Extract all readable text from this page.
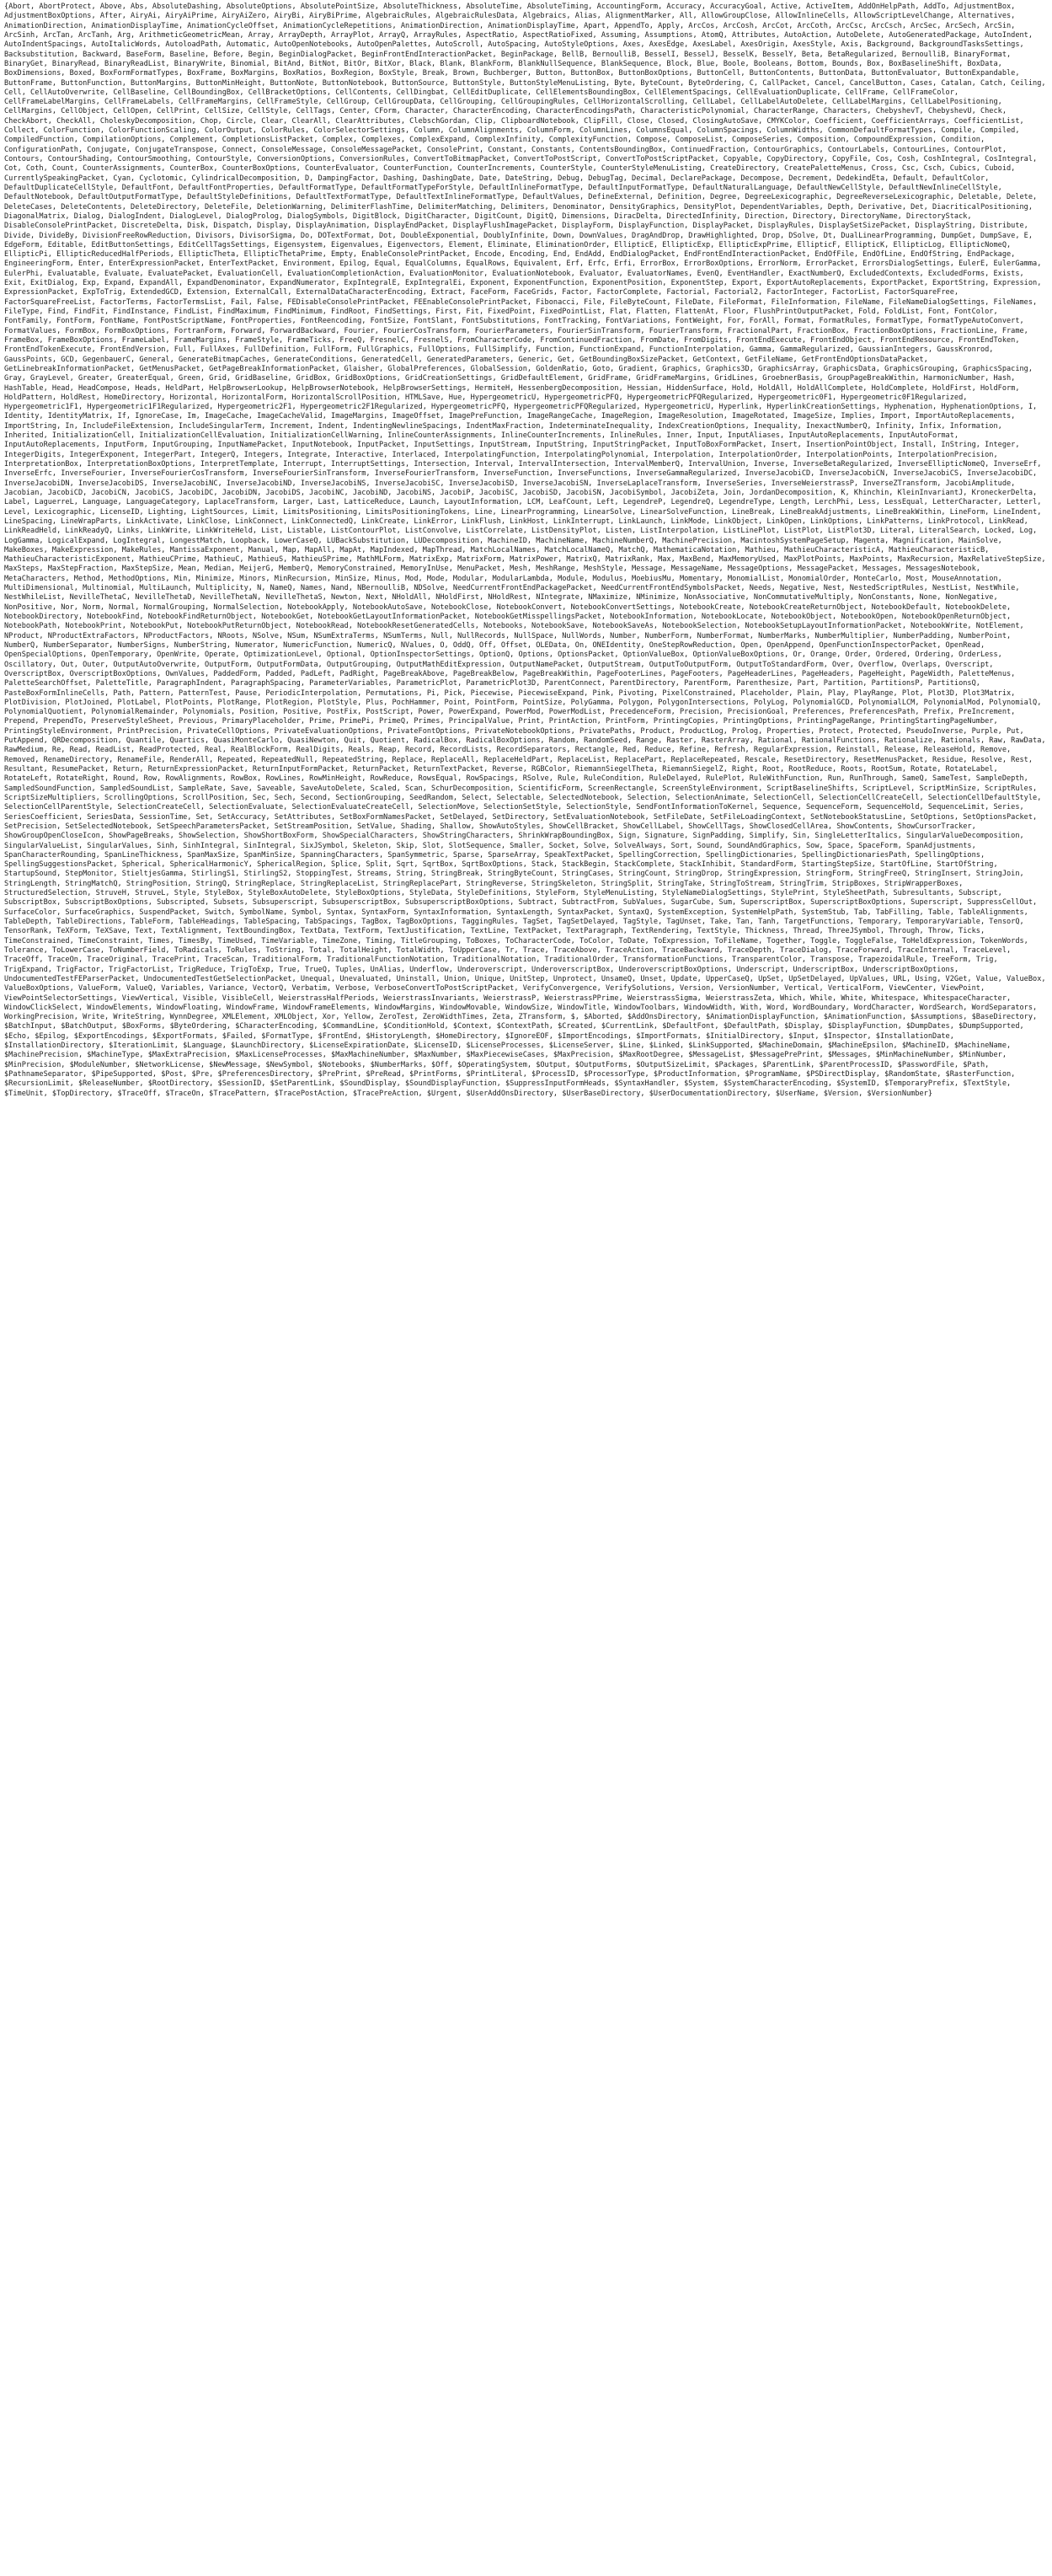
{Abort, AbortProtect, Above, Abs, AbsoluteDashing, AbsoluteOptions, AbsolutePointSize, AbsoluteThickness, AbsoluteTime, AbsoluteTiming, AccountingForm, Accuracy, AccuracyGoal, Active, ActiveItem, AddOnHelpPath, AddTo, AdjustmentBox, AdjustmentBoxOptions, After, AiryAi, AiryAiPrime, AiryAiZero, AiryBi, AiryBiPrime, AlgebraicRules, AlgebraicRulesData, Algebraics, Alias, AlignmentMarker, All, AllowGroupClose, AllowInlineCells, AllowScriptLevelChange, Alternatives, AnimationDirection, AnimationDisplayTime, AnimationCycleOffset, AnimationCycleRepetitions, AnimationDirection, AnimationDisplayTime, Apart, AppendTo, Apply, ArcCos, ArcCosh, ArcCot, ArcCoth, ArcCsc, ArcCsch, ArcSec, ArcSech, ArcSin, ArcSinh, ArcTan, ArcTanh, Arg, ArithmeticGeometricMean, Array, ArrayDepth, ArrayPlot, ArrayQ, ArrayRules, AspectRatio, AspectRatioFixed, Assuming, Assumptions, AtomQ, Attributes, AutoAction, AutoDelete, AutoGeneratedPackage, AutoIndent, AutoIndentSpacings, AutoItalicWords, AutoloadPath, Automatic, AutoOpenNotebooks, AutoOpenPalettes, AutoScroll, AutoSpacing, AutoStyleOptions, Axes, AxesEdge, AxesLabel, AxesOrigin, AxesStyle, Axis, Background, BackgroundTasksSettings, Backsubstitution, Backward, BaseForm, Baseline, Before, Begin, BeginDialogPacket, BeginFrontEndInteractionPacket, BeginPackage, BellB, BernoulliB, BesselI, BesselJ, BesselK, BesselY, Beta, BetaRegularized, BernoulliB, BinaryFormat, BinaryGet, BinaryRead, BinaryReadList, BinaryWrite, Binomial, BitAnd, BitNot, BitOr, BitXor, Black, Blank, BlankForm, BlankNullSequence, BlankSequence, Block, Blue, Boole, Booleans, Bottom, Bounds, Box, BoxBaselineShift, BoxData, BoxDimensions, Boxed, BoxFormFormatTypes, BoxFrame, BoxMargins, BoxRatios, BoxRegion, BoxStyle, Break, Brown, Buchberger, Button, ButtonBox, ButtonBoxOptions, ButtonCell, ButtonContents, ButtonData, ButtonEvaluator, ButtonExpandable, ButtonFrame, ButtonFunction, ButtonMargins, ButtonMinHeight, ButtonNote, ButtonNotebook, ButtonSource, ButtonStyle, ButtonStyleMenuListing, Byte, ByteCount, ByteOrdering, C, CallPacket, Cancel, CancelButton, Cases, Catalan, Catch, Ceiling, Cell, CellAutoOverwrite, CellBaseline, CellBoundingBox, CellBracketOptions, CellContents, CellDingbat, CellEditDuplicate, CellElementsBoundingBox, CellElementSpacings, CellEvaluationDuplicate, CellFrame, CellFrameColor, CellFrameLabelMargins, CellFrameLabels, CellFrameMargins, CellFrameStyle, CellGroup, CellGroupData, CellGrouping, CellGroupingRules, CellHorizontalScrolling, CellLabel, CellLabelAutoDelete, CellLabelMargins, CellLabelPositioning, CellMargins, CellObject, CellOpen, CellPrint, CellSize, CellStyle, CellTags, Center, CForm, Character, CharacterEncoding, CharacterEncodingsPath, CharacteristicPolynomial, CharacterRange, Characters, ChebyshevT, ChebyshevU, Check, CheckAbort, CheckAll, CholeskyDecomposition, Chop, Circle, Clear, ClearAll, ClearAttributes, ClebschGordan, Clip, ClipboardNotebook, ClipFill, Close, Closed, ClosingAutoSave, CMYKColor, Coefficient, CoefficientArrays, CoefficientList, Collect, ColorFunction, ColorFunctionScaling, ColorOutput, ColorRules, ColorSelectorSettings, Column, ColumnAlignments, ColumnForm, ColumnLines, ColumnsEqual, ColumnSpacings, ColumnWidths, CommonDefaultFormatTypes, Compile, Compiled, CompiledFunction, CompilationOptions, Complement, CompletionsListPacket, Complex, Complexes, ComplexExpand, ComplexInfinity, ComplexityFunction, Compose, ComposeList, ComposeSeries, Composition, CompoundExpression, Condition, ConfigurationPath, Conjugate, ConjugateTranspose, Connect, ConsoleMessage, ConsoleMessagePacket, ConsolePrint, Constant, Constants, ContentsBoundingBox, ContinuedFraction, ContourGraphics, ContourLabels, ContourLines, ContourPlot, Contours, ContourShading, ContourSmoothing, ContourStyle, ConversionOptions, ConversionRules, ConvertToBitmapPacket, ConvertToPostScript, ConvertToPostScriptPacket, Copyable, CopyDirectory, CopyFile, Cos, Cosh, CoshIntegral, CosIntegral, Cot, Coth, Count, CounterAssignments, CounterBox, CounterBoxOptions, CounterEvaluator, CounterFunction, CounterIncrements, CounterStyle, CounterStyleMenuListing, CreateDirectory, CreatePaletteMenus, Cross, Csc, Csch, Cubics, Cuboid, CurrentlySpeakingPacket, Cyan, Cyclotomic, CylindricalDecomposition, D, DampingFactor, Dashing, DashingDate, Date, DateString, Debug, DebugTag, Decimal, DeclarePackage, Decompose, Decrement, DedekindEta, Default, DefaultColor, DefaultDuplicateCellStyle, DefaultFont, DefaultFontProperties, DefaultFormatType, DefaultFormatTypeForStyle, DefaultInlineFormatType, DefaultInputFormatType, DefaultNaturalLanguage, DefaultNewCellStyle, DefaultNewInlineCellStyle, DefaultNotebook, DefaultOutputFormatType, DefaultStyleDefinitions, DefaultTextFormatType, DefaultTextInlineFormatType, DefaultValues, DefineExternal, Definition, Degree, DegreeLexicographic, DegreeReverseLexicographic, Deletable, Delete, DeleteCases, DeleteContents, DeleteDirectory, DeleteFile, DeletionWarning, DelimiterFlashTime, DelimiterMatching, Delimiters, Denominator, DensityGraphics, DensityPlot, DependentVariables, Depth, Derivative, Det, DiacriticalPositioning, DiagonalMatrix, Dialog, DialogIndent, DialogLevel, DialogProlog, DialogSymbols, DigitBlock, DigitCharacter, DigitCount, DigitQ, Dimensions, DiracDelta, DirectedInfinity, Direction, Directory, DirectoryName, DirectoryStack, DisableConsolePrintPacket, DiscreteDelta, Disk, Dispatch, Display, DisplayAnimation, DisplayEndPacket, DisplayFlushImagePacket, DisplayForm, DisplayFunction, DisplayPacket, DisplayRules, DisplaySetSizePacket, DisplayString, Distribute, Divide, DivideBy, DivisionFreeRowReduction, Divisors, DivisorSigma, Do, DOTextFormat, Dot, DoubleExponential, DoublyInfinite, Down, DownValues, DragAndDrop, DrawHighlighted, Drop, DSolve, Dt, DualLinearProgramming, DumpGet, DumpSave, E, EdgeForm, Editable, EditButtonSettings, EditCellTagsSettings, Eigensystem, Eigenvalues, Eigenvectors, Element, Eliminate, EliminationOrder, EllipticE, EllipticExp, EllipticExpPrime, EllipticF, EllipticK, EllipticLog, EllipticNomeQ, EllipticPi, EllipticReducedHalfPeriods, EllipticTheta, EllipticThetaPrime, Empty, EnableConsolePrintPacket, Encode, Encoding, End, EndAdd, EndDialogPacket, EndFrontEndInteractionPacket, EndOfFile, EndOfLine, EndOfString, EndPackage, EngineeringForm, Enter, EnterExpressionPacket, EnterTextPacket, Environment, Epilog, Equal, EqualColumns, EqualRows, Equivalent, Erf, Erfc, Erfi, ErrorBox, ErrorBoxOptions, ErrorNorm, ErrorPacket, ErrorsDialogSettings, EulerE, EulerGamma, EulerPhi, Evaluatable, Evaluate, EvaluatePacket, EvaluationCell, EvaluationCompletionAction, EvaluationMonitor, EvaluationNotebook, Evaluator, EvaluatorNames, EvenQ, EventHandler, ExactNumberQ, ExcludedContexts, ExcludedForms, Exists, Exit, ExitDialog, Exp, Expand, ExpandAll, ExpandDenominator, ExpandNumerator, ExpIntegralE, ExpIntegralEi, Exponent, ExponentFunction, ExponentPosition, ExponentStep, Export, ExportAutoReplacements, ExportPacket, ExportString, Expression, ExpressionPacket, ExpToTrig, ExtendedGCD, Extension, ExternalCall, ExternalDataCharacterEncoding, Extract, FaceForm, FaceGrids, Factor, FactorComplete, Factorial, Factorial2, FactorInteger, FactorList, FactorSquareFree, FactorSquareFreeList, FactorTerms, FactorTermsList, Fail, False, FEDisableConsolePrintPacket, FEEnableConsolePrintPacket, Fibonacci, File, FileByteCount, FileDate, FileFormat, FileInformation, FileName, FileNameDialogSettings, FileNames, FileType, Find, FindFit, FindInstance, FindList, FindMaximum, FindMinimum, FindRoot, FindSettings, First, Fit, FixedPoint, FixedPointList, Flat, Flatten, FlattenAt, Floor, FlushPrintOutputPacket, Fold, FoldList, Font, FontColor, FontFamily, FontForm, FontName, FontPostScriptName, FontProperties, FontReencoding, FontSize, FontSlant, FontSubstitutions, FontTracking, FontVariations, FontWeight, For, ForAll, Format, FormatRules, FormatType, FormatTypeAutoConvert, FormatValues, FormBox, FormBoxOptions, FortranForm, Forward, ForwardBackward, Fourier, FourierCosTransform, FourierParameters, FourierSinTransform, FourierTransform, FractionalPart, FractionBox, FractionBoxOptions, FractionLine, Frame, FrameBox, FrameBoxOptions, FrameLabel, FrameMargins, FrameStyle, FrameTicks, FreeQ, FresnelC, FresnelS, FromCharacterCode, FromContinuedFraction, FromDate, FromDigits, FrontEndExecute, FrontEndObject, FrontEndResource, FrontEndToken, FrontEndTokenExecute, FrontEndVersion, Full, FullAxes, FullDefinition, FullForm, FullGraphics, FullOptions, FullSimplify, Function, FunctionExpand, FunctionInterpolation, Gamma, GammaRegularized, GaussianIntegers, GaussKronrod, GaussPoints, GCD, GegenbauerC, General, GenerateBitmapCaches, GenerateConditions, GeneratedCell, GeneratedParameters, Generic, Get, GetBoundingBoxSizePacket, GetContext, GetFileName, GetFrontEndOptionsDataPacket, GetLinebreakInformationPacket, GetMenusPacket, GetPageBreakInformationPacket, Glaisher, GlobalPreferences, GlobalSession, GoldenRatio, Goto, Gradient, Graphics, Graphics3D, GraphicsArray, GraphicsData, GraphicsGrouping, GraphicsSpacing, Gray, GrayLevel, Greater, GreaterEqual, Green, Grid, GridBaseline, GridBox, GridBoxOptions, GridCreationSettings, GridDefaultElement, GridFrame, GridFrameMargins, GridLines, GroebnerBasis, GroupPageBreakWithin, HarmonicNumber, Hash, HashTable, Head, HeadCompose, Heads, HeldPart, HelpBrowserLookup, HelpBrowserNotebook, HelpBrowserSettings, HermiteH, HessenbergDecomposition, Hessian, HiddenSurface, Hold, HoldAll, HoldAllComplete, HoldComplete, HoldFirst, HoldForm, HoldPattern, HoldRest, HomeDirectory, Horizontal, HorizontalForm, HorizontalScrollPosition, HTMLSave, Hue, HypergeometricU, HypergeometricPFQ, HypergeometricPFQRegularized, Hypergeometric0F1, Hypergeometric0F1Regularized, Hypergeometric1F1, Hypergeometric1F1Regularized, Hypergeometric2F1, Hypergeometric2F1Regularized, HypergeometricPFQ, HypergeometricPFQRegularized, HypergeometricU, Hyperlink, HyperlinkCreationSettings, Hyphenation, HyphenationOptions, I, Identity, IdentityMatrix, If, IgnoreCase, Im, ImageCache, ImageCacheValid, ImageMargins, ImageOffset, ImagePreFunction, ImageRangeCache, ImageRegion, ImageResolution, ImageRotated, ImageSize, Implies, Import, ImportAutoReplacements, ImportString, In, IncludeFileExtension, IncludeSingularTerm, Increment, Indent, IndentingNewlineSpacings, IndentMaxFraction, IndeterminateInequality, IndexCreationOptions, Inequality, InexactNumberQ, Infinity, Infix, Information, Inherited, InitializationCell, InitializationCellEvaluation, InitializationCellWarning, InlineCounterAssignments, InlineCounterIncrements, InlineRules, Inner, Input, InputAliases, InputAutoReplacements, InputAutoFormat, InputAutoReplacements, InputForm, InputGrouping, InputNamePacket, InputNotebook, InputPacket, InputSettings, InputStream, InputString, InputStringPacket, InputToBoxFormPacket, Insert, InsertionPointObject, Install, InString, Integer, IntegerDigits, IntegerExponent, IntegerPart, IntegerQ, Integers, Integrate, Interactive, Interlaced, InterpolatingFunction, InterpolatingPolynomial, Interpolation, InterpolationOrder, InterpolationPoints, InterpolationPrecision, InterpretationBox, InterpretationBoxOptions, InterpretTemplate, Interrupt, InterruptSettings, Intersection, Interval, IntervalIntersection, IntervalMemberQ, IntervalUnion, Inverse, InverseBetaRegularized, InverseEllipticNomeQ, InverseErf, InverseErfc, InverseFourier, InverseFourierCosTransform, InverseFourierSinTransform, InverseFourierTransform, InverseFunction, InverseFunctions, InverseGammaRegularized, InverseJacobiCD, InverseJacobiCN, InverseJacobiCS, InverseJacobiDC, InverseJacobiDN, InverseJacobiDS, InverseJacobiNC, InverseJacobiND, InverseJacobiNS, InverseJacobiSC, InverseJacobiSD, InverseJacobiSN, InverseLaplaceTransform, InverseSeries, InverseWeierstrassP, InverseZTransform, JacobiAmplitude, Jacobian, JacobiCD, JacobiCN, JacobiCS, JacobiDC, JacobiDN, JacobiDS, JacobiNC, JacobiND, JacobiNS, JacobiP, JacobiSC, JacobiSD, JacobiSN, JacobiSymbol, JacobiZeta, Join, JordanDecomposition, K, Khinchin, KleinInvariantJ, KroneckerDelta, Label, LaguerreL, Language, LanguageCategory, LaplaceTransform, Larger, Last, LatticeReduce, Launch, LayoutInformation, LCM, LeafCount, Left, LegendreP, LegendreQ, LegendreType, Length, LerchPhi, Less, LessEqual, LetterCharacter, Letterl, Level, Lexicographic, LicenseID, Lighting, LightSources, Limit, LimitsPositioning, LimitsPositioningTokens, Line, LinearProgramming, LinearSolve, LinearSolveFunction, LineBreak, LineBreakAdjustments, LineBreakWithin, LineForm, LineIndent, LineSpacing, LineWrapParts, LinkActivate, LinkClose, LinkConnect, LinkConnectedQ, LinkCreate, LinkError, LinkFlush, LinkHost, LinkInterrupt, LinkLaunch, LinkMode, LinkObject, LinkOpen, LinkOptions, LinkPatterns, LinkProtocol, LinkRead, LinkReadHeld, LinkReadyQ, Links, LinkWrite, LinkWriteHeld, List, Listable, ListContourPlot, ListConvolve, ListCorrelate, ListDensityPlot, Listen, ListInterpolation, ListLinePlot, ListPlot, ListPlot3D, Literal, LiteralSearch, Locked, Log, LogGamma, LogicalExpand, LogIntegral, LongestMatch, Loopback, LowerCaseQ, LUBackSubstitution, LUDecomposition, MachineID, MachineName, MachineNumberQ, MachinePrecision, MacintoshSystemPageSetup, Magenta, Magnification, MainSolve, MakeBoxes, MakeExpression, MakeRules, MantissaExponent, Manual, Map, MapAll, MapAt, MapIndexed, MapThread, MatchLocalNames, MatchLocalNameQ, MatchQ, MathematicaNotation, Mathieu, MathieuCharacteristicA, MathieuCharacteristicB, MathieuCharacteristicExponent, MathieuCPrime, MathieuC, MathieuS, MathieuSPrime, MathMLForm, MatrixExp, MatrixForm, MatrixPower, MatrixQ, MatrixRank, Max, MaxBend, MaxMemoryUsed, MaxPlotPoints, MaxPoints, MaxRecursion, MaxRelativeStepSize, MaxSteps, MaxStepFraction, MaxStepSize, Mean, Median, MeijerG, MemberQ, MemoryConstrained, MemoryInUse, MenuPacket, Mesh, MeshRange, MeshStyle, Message, MessageName, MessageOptions, MessagePacket, Messages, MessagesNotebook, MetaCharacters, Method, MethodOptions, Min, Minimize, Minors, MinRecursion, MinSize, Minus, Mod, Mode, Modular, ModularLambda, Module, Modulus, MoebiusMu, Momentary, MonomialList, MonomialOrder, MonteCarlo, Most, MouseAnnotation, MultiDimensional, Multinomial, MultiLaunch, Multiplicity, N, NameQ, Names, Nand, NBernoulliB, NDSolve, NeedCurrentFrontEndPackagePacket, NeedCurrentFrontEndSymbolsPacket, Needs, Negative, Nest, NestedScriptRules, NestList, NestWhile, NestWhileList, NevilleThetaC, NevilleThetaD, NevilleThetaN, NevilleThetaS, Newton, Next, NHoldAll, NHoldFirst, NHoldRest, NIntegrate, NMaximize, NMinimize, NonAssociative, NonCommutativeMultiply, NonConstants, None, NonNegative, NonPositive, Nor, Norm, Normal, NormalGrouping, NormalSelection, NotebookApply, NotebookAutoSave, NotebookClose, NotebookConvert, NotebookConvertSettings, NotebookCreate, NotebookCreateReturnObject, NotebookDefault, NotebookDelete, NotebookDirectory, NotebookFind, NotebookFindReturnObject, NotebookGet, NotebookGetLayoutInformationPacket, NotebookGetMisspellingsPacket, NotebookInformation, NotebookLocate, NotebookObject, NotebookOpen, NotebookOpenReturnObject, NotebookPath, NotebookPrint, NotebookPut, NotebookPutReturnObject, NotebookRead, NotebookResetGeneratedCells, Notebooks, NotebookSave, NotebookSaveAs, NotebookSelection, NotebookSetupLayoutInformationPacket, NotebookWrite, NotElement, NProduct, NProductExtraFactors, NProductFactors, NRoots, NSolve, NSum, NSumExtraTerms, NSumTerms, Null, NullRecords, NullSpace, NullWords, Number, NumberForm, NumberFormat, NumberMarks, NumberMultiplier, NumberPadding, NumberPoint, NumberQ, NumberSeparator, NumberSigns, NumberString, Numerator, NumericFunction, NumericQ, NValues, O, OddQ, Off, Offset, OLEData, On, ONEIdentity, OneStepRowReduction, Open, OpenAppend, OpenFunctionInspectorPacket, OpenRead, OpenSpecialOptions, OpenTemporary, OpenWrite, Operate, OptimizationLevel, Optional, OptionInspectorSettings, OptionQ, Options, OptionsPacket, OptionValueBox, OptionValueBoxOptions, Or, Orange, Order, Ordered, Ordering, OrderLess, Oscillatory, Out, Outer, OutputAutoOverwrite, OutputForm, OutputFormData, OutputGrouping, OutputMathEditExpression, OutputNamePacket, OutputStream, OutputToOutputForm, OutputToStandardForm, Over, Overflow, Overlaps, Overscript, OverscriptBox, OverscriptBoxOptions, OwnValues, PaddedForm, Padded, PadLeft, PadRight, PageBreakAbove, PageBreakBelow, PageBreakWithin, PageFooterLines, PageFooters, PageHeaderLines, PageHeaders, PageHeight, PageWidth, PaletteMenus, PaletteSearchOffset, PaletteTitle, ParagraphIndent, ParagraphSpacing, ParameterVariables, ParametricPlot, ParametricPlot3D, ParentConnect, ParentDirectory, ParentForm, Parenthesize, Part, Partition, PartitionsP, PartitionsQ, PasteBoxFormInlineCells, Path, Pattern, PatternTest, Pause, PeriodicInterpolation, Permutations, Pi, Pick, Piecewise, PiecewiseExpand, Pink, Pivoting, PixelConstrained, Placeholder, Plain, Play, PlayRange, Plot, Plot3D, Plot3Matrix, PlotDivision, PlotJoined, PlotLabel, PlotPoints, PlotRange, PlotRegion, PlotStyle, Plus, PochHammer, Point, PointForm, PointSize, PolyGamma, Polygon, PolygonIntersections, PolyLog, PolynomialGCD, PolynomialLCM, PolynomialMod, PolynomialQ, PolynomialQuotient, PolynomialRemainder, Polynomials, Position, Positive, PostFix, PostScript, Power, PowerExpand, PowerMod, PowerModList, PrecedenceForm, Precision, PrecisionGoal, Preferences, PreferencesPath, Prefix, PreIncrement, Prepend, PrependTo, PreserveStyleSheet, Previous, PrimaryPlaceholder, Prime, PrimePi, PrimeQ, Primes, PrincipalValue, Print, PrintAction, PrintForm, PrintingCopies, PrintingOptions, PrintingPageRange, PrintingStartingPageNumber, PrintingStyleEnvironment, PrintPrecision, PrivateCellOptions, PrivateEvaluationOptions, PrivateFontOptions, PrivateNotebookOptions, PrivatePaths, Product, ProductLog, Prolog, Properties, Protect, Protected, PseudoInverse, Purple, Put, PutAppend, QRDecomposition, Quantile, Quartics, QuasiMonteCarlo, QuasiNewton, Quit, Quotient, RadicalBox, RadicalBoxOptions, Random, RandomSeed, Range, Raster, RasterArray, Rational, RationalFunctions, Rationalize, Rationals, Raw, RawData, RawMedium, Re, Read, ReadList, ReadProtected, Real, RealBlockForm, RealDigits, Reals, Reap, Record, RecordLists, RecordSeparators, Rectangle, Red, Reduce, Refine, Refresh, RegularExpression, Reinstall, Release, ReleaseHold, Remove, Removed, RenameDirectory, RenameFile, RenderAll, Repeated, RepeatedNull, RepeatedString, Replace, ReplaceAll, ReplaceHeldPart, ReplaceList, ReplacePart, ReplaceRepeated, Rescale, ResetDirectory, ResetMenusPacket, Residue, Resolve, Rest, Resultant, ResumePacket, Return, ReturnExpressionPacket, ReturnInputFormPacket, ReturnPacket, ReturnTextPacket, Reverse, RGBColor, RiemannSiegelTheta, RiemannSiegelZ, Right, Root, RootReduce, Roots, RootSum, Rotate, RotateLabel, RotateLeft, RotateRight, Round, Row, RowAlignments, RowBox, RowLines, RowMinHeight, RowReduce, RowsEqual, RowSpacings, RSolve, Rule, RuleCondition, RuleDelayed, RulePlot, RuleWithFunction, Run, RunThrough, SameQ, SameTest, SampleDepth, SampledSoundFunction, SampledSoundList, SampleRate, Save, Saveable, SaveAutoDelete, Scaled, Scan, SchurDecomposition, ScientificForm, ScreenRectangle, ScreenStyleEnvironment, ScriptBaselineShifts, ScriptLevel, ScriptMinSize, ScriptRules, ScriptSizeMultipliers, ScrollingOptions, ScrollPosition, Sec, Sech, Second, SectionGrouping, SeedRandom, Select, Selectable, SelectedNotebook, Selection, SelectionAnimate, SelectionCell, SelectionCellCreateCell, SelectionCellDefaultStyle, SelectionCellParentStyle, SelectionCreateCell, SelectionEvaluate, SelectionEvaluateCreateCell, SelectionMove, SelectionSetStyle, SelectionStyle, SendFontInformationToKernel, Sequence, SequenceForm, SequenceHold, SequenceLimit, Series, SeriesCoefficient, SeriesData, SessionTime, Set, SetAccuracy, SetAttributes, SetBoxFormNamesPacket, SetDelayed, SetDirectory, SetEvaluationNotebook, SetFileDate, SetFileLoadingContext, SetNotebookStatusLine, SetOptions, SetOptionsPacket, SetPrecision, SetSelectedNotebook, SetSpeechParametersPacket, SetStreamPosition, SetValue, Shading, Shallow, ShowAutoStyles, ShowCellBracket, ShowCellLabel, ShowCellTags, ShowClosedCellArea, ShowContents, ShowCursorTracker, ShowGroupOpenCloseIcon, ShowPageBreaks, ShowSelection, ShowShortBoxForm, ShowSpecialCharacters, ShowStringCharacters, ShrinkWrapBoundingBox, Sign, Signature, SignPadding, Simplify, Sin, SingleLetterItalics, SingularValueDecomposition, SingularValueList, SingularValues, Sinh, SinhIntegral, SinIntegral, SixJSymbol, Skeleton, Skip, Slot, SlotSequence, Smaller, Socket, Solve, SolveAlways, Sort, Sound, SoundAndGraphics, Sow, Space, SpaceForm, SpanAdjustments, SpanCharacterRounding, SpanLineThickness, SpanMaxSize, SpanMinSize, SpanningCharacters, SpanSymmetric, Sparse, SparseArray, SpeakTextPacket, SpellingCorrection, SpellingDictionaries, SpellingDictionariesPath, SpellingOptions, SpellingSuggestionsPacket, Spherical, SphericalHarmonicY, SphericalRegion, Splice, Split, Sqrt, SqrtBox, SqrtBoxOptions, Stack, StackBegin, StackComplete, StackInhibit, StandardForm, StartingStepSize, StartOfLine, StartOfString, StartupSound, StepMonitor, StieltjesGamma, StirlingS1, StirlingS2, StoppingTest, Streams, String, StringBreak, StringByteCount, StringCases, StringCount, StringDrop, StringExpression, StringForm, StringFreeQ, StringInsert, StringJoin, StringLength, StringMatchQ, StringPosition, StringQ, StringReplace, StringReplaceList, StringReplacePart, StringReverse, StringSkeleton, StringSplit, StringTake, StringToStream, StringTrim, StripBoxes, StripWrapperBoxes, StructuredSelection, StruveH, StruveL, Style, StyleBox, StyleBoxAutoDelete, StyleBoxOptions, StyleData, StyleDefinitions, StyleForm, StyleMenuListing, StyleNameDialogSettings, StylePrint, StyleSheetPath, Subresultants, Subscript, SubscriptBox, SubscriptBoxOptions, Subscripted, Subsets, Subsuperscript, SubsuperscriptBox, SubsuperscriptBoxOptions, Subtract, SubtractFrom, SubValues, SugarCube, Sum, SuperscriptBox, SuperscriptBoxOptions, Superscript, SuppressCellOut, SurfaceColor, SurfaceGraphics, SuspendPacket, Switch, SymbolName, Symbol, Syntax, SyntaxForm, SyntaxInformation, SyntaxLength, SyntaxPacket, SyntaxQ, SystemException, SystemHelpPath, SystemStub, Tab, TabFilling, Table, TableAlignments, TableDepth, TableDirections, TableForm, TableHeadings, TableSpacing, TabSpacings, TagBox, TagBoxOptions, TaggingRules, TagSet, TagSetDelayed, TagStyle, TagUnset, Take, Tan, Tanh, TargetFunctions, Temporary, TemporaryVariable, TensorQ, TensorRank, TeXForm, TeXSave, Text, TextAlignment, TextBoundingBox, TextData, TextForm, TextJustification, TextLine, TextPacket, TextParagraph, TextRendering, TextStyle, Thickness, Thread, ThreeJSymbol, Through, Throw, Ticks, TimeConstrained, TimeConstraint, Times, TimesBy, TimeUsed, TimeVariable, TimeZone, Timing, TitleGrouping, ToBoxes, ToCharacterCode, ToColor, ToDate, ToExpression, ToFileName, Together, Toggle, ToggleFalse, ToHeldExpression, TokenWords, Tolerance, ToLowerCase, ToNumberField, ToRadicals, ToRules, ToString, Total, TotalHeight, TotalWidth, ToUpperCase, Tr, Trace, TraceAbove, TraceAction, TraceBackward, TraceDepth, TraceDialog, TraceForward, TraceInternal, TraceLevel, TraceOff, TraceOn, TraceOriginal, TracePrint, TraceScan, TraditionalForm, TraditionalFunctionNotation, TraditionalNotation, TraditionalOrder, TransformationFunctions, TransparentColor, Transpose, TrapezoidalRule, TreeForm, Trig, TrigExpand, TrigFactor, TrigFactorList, TrigReduce, TrigToExp, True, TrueQ, Tuples, UnAlias, Underflow, Underoverscript, UnderoverscriptBox, UnderoverscriptBoxOptions, Underscript, UnderscriptBox, UnderscriptBoxOptions, UndocumentedTestFEParserPacket, UndocumentedTestGetSelectionPacket, Unequal, Unevaluated, Uninstall, Union, Unique, UnitStep, Unprotect, UnsameQ, Unset, Update, UpperCaseQ, UpSet, UpSetDelayed, UpValues, URL, Using, V2Get, Value, ValueBox, ValueBoxOptions, ValueForm, ValueQ, Variables, Variance, VectorQ, Verbatim, Verbose, VerboseConvertToPostScriptPacket, VerifyConvergence, VerifySolutions, Version, VersionNumber, Vertical, VerticalForm, ViewCenter, ViewPoint, ViewPointSelectorSettings, ViewVertical, Visible, VisibleCell, WeierstrassHalfPeriods, WeierstrassInvariants, WeierstrassP, WeierstrassPPrime, WeierstrassSigma, WeierstrassZeta, Which, While, White, Whitespace, WhitespaceCharacter, WindowClickSelect, WindowElements, WindowFloating, WindowFrame, WindowFrameElements, WindowMargins, WindowMovable, WindowSize, WindowTitle, WindowToolbars, WindowWidth, With, Word, WordBoundary, WordCharacter, WordSearch, WordSeparators, WorkingPrecision, Write, WriteString, WynnDegree, XMLElement, XMLObject, Xor, Yellow, ZeroTest, ZeroWidthTimes, Zeta, ZTransform, $, $Aborted, $AddOnsDirectory, $AnimationDisplayFunction, $AnimationFunction, $Assumptions, $BaseDirectory, $BatchInput, $BatchOutput, $BoxForms, $ByteOrdering, $CharacterEncoding, $CommandLine, $ConditionHold, $Context, $ContextPath, $Created, $CurrentLink, $DefaultFont, $DefaultPath, $Display, $DisplayFunction, $DumpDates, $DumpSupported, $Echo, $Epilog, $ExportEncodings, $ExportFormats, $Failed, $FormatType, $FrontEnd, $HistoryLength, $HomeDirectory, $IgnoreEOF, $ImportEncodings, $ImportFormats, $InitialDirectory, $Input, $Inspector, $InstallationDate, $InstallationDirectory, $IterationLimit, $Language, $LaunchDirectory, $LicenseExpirationDate, $LicenseID, $LicenseProcesses, $LicenseServer, $Line, $Linked, $LinkSupported, $MachineDomain, $MachineEpsilon, $MachineID, $MachineName, $MachinePrecision, $MachineType, $MaxExtraPrecision, $MaxLicenseProcesses, $MaxMachineNumber, $MaxNumber, $MaxPiecewiseCases, $MaxPrecision, $MaxRootDegree, $MessageList, $MessagePrePrint, $Messages, $MinMachineNumber, $MinNumber, $MinPrecision, $ModuleNumber, $NetworkLicense, $NewMessage, $NewSymbol, $Notebooks, $NumberMarks, $Off, $OperatingSystem, $Output, $OutputForms, $OutputSizeLimit, $Packages, $ParentLink, $ParentProcessID, $PasswordFile, $Path, $PathnameSeparator, $PipeSupported, $Post, $Pre, $PreferencesDirectory, $PrePrint, $PreRead, $PrintForms, $PrintLiteral, $ProcessID, $ProcessorType, $ProductInformation, $ProgramName, $PSDirectDisplay, $RandomState, $RasterFunction, $RecursionLimit, $ReleaseNumber, $RootDirectory, $SessionID, $SetParentLink, $SoundDisplay, $SoundDisplayFunction, $SuppressInputFormHeads, $SyntaxHandler, $System, $SystemCharacterEncoding, $SystemID, $TemporaryPrefix, $TextStyle, $TimeUnit, $TopDirectory, $TraceOff, $TraceOn, $TracePattern, $TracePostAction, $TracePreAction, $Urgent, $UserAddOnsDirectory, $UserBaseDirectory, $UserDocumentationDirectory, $UserName, $Version, $VersionNumber}
